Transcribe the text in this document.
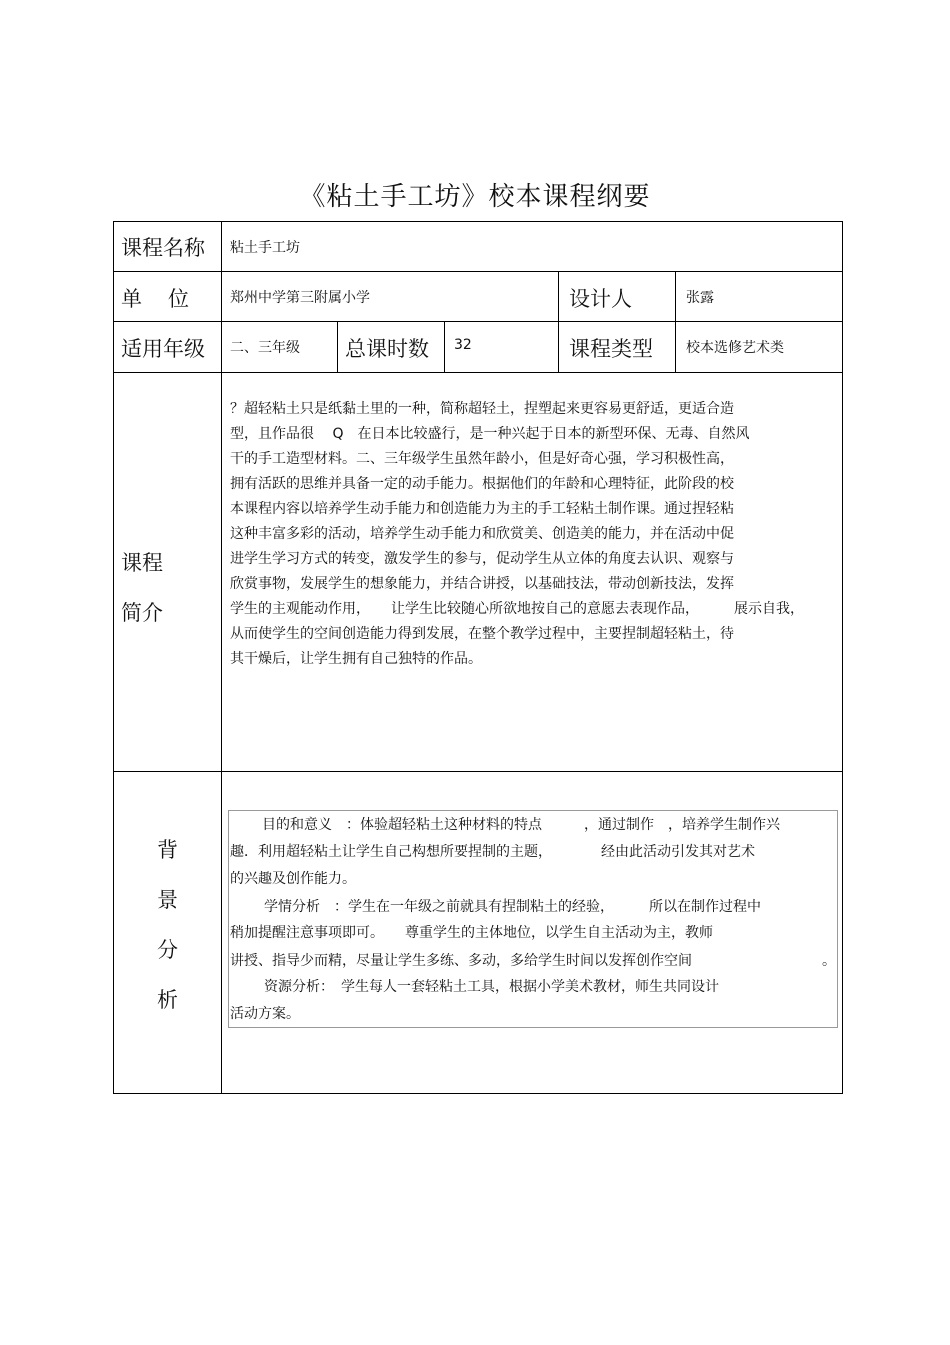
《粘土手工坊》校本课程纲要
课程名称 粘土手工坊
单 位	郑州中学第三附属小学	设计人	张露
适用年级 二、三年级 总课时数 32	课程类型 校本选修艺术类
课程
简介
？超轻粘土只是纸黏土里的一种，简称超轻土，捏塑起来更容易更舒适，更适合造
型，且作品很 　Q　在日本比较盛行，是一种兴起于日本的新型环保、无毒、自然风
干的手工造型材料。二、三年级学生虽然年龄小，但是好奇心强，学习积极性高，
拥有活跃的思维并具备一定的动手能力。根据他们的年龄和心理特征，此阶段的校
本课程内容以培养学生动手能力和创造能力为主的手工轻粘土制作课。通过捏轻粘
这种丰富多彩的活动，培养学生动手能力和欣赏美、创造美的能力，并在活动中促
进学生学习方式的转变，激发学生的参与，促动学生从立体的角度去认识、观察与
欣赏事物，发展学生的想象能力，并结合讲授，以基础技法，带动创新技法，发挥
学生的主观能动作用，　　让学生比较随心所欲地按自己的意愿去表现作品，　　　展示自我，
从而使学生的空间创造能力得到发展，在整个教学过程中，主要捏制超轻粘土，待
其干燥后，让学生拥有自己独特的作品。
背
景
分
析
目的和意义　：体验超轻粘土这种材料的特点　　　，通过制作　，培养学生制作兴
趣．利用超轻粘土让学生自己构想所要捏制的主题，　　　　经由此活动引发其对艺术
的兴趣及创作能力。
学情分析　：学生在一年级之前就具有捏制粘土的经验，　　　所以在制作过程中
稍加提醒注意事项即可。　　尊重学生的主体地位，以学生自主活动为主，教师
讲授、指导少而精，尽量让学生多练、多动，多给学生时间以发挥创作空间	。
资源分析：　学生每人一套轻粘土工具，根据小学美术教材，师生共同设计
活动方案。
